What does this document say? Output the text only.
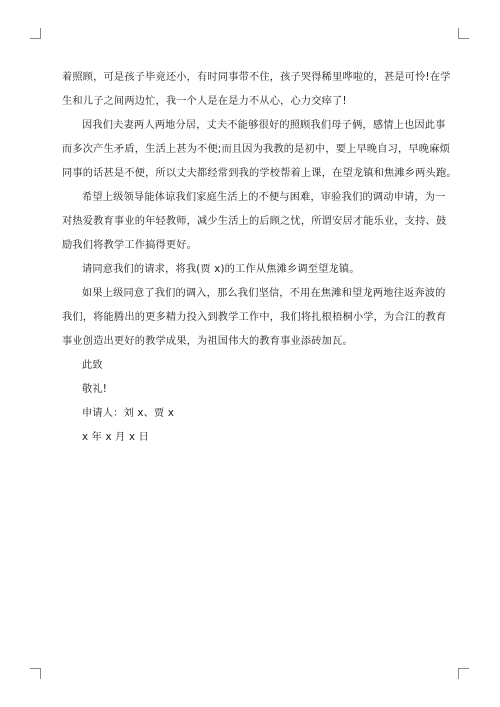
着照顾，可是孩子毕竟还小，有时同事带不住，孩子哭得稀里哗啦的，甚是可怜!在学
生和儿子之间两边忙，我一个人是在是力不从心，心力交瘁了!
因我们夫妻两人两地分居，丈夫不能够很好的照顾我们母子俩，感情上也因此事
而多次产生矛盾，生活上甚为不便;而且因为我教的是初中，要上早晚自习，早晚麻烦
同事的话甚是不便，所以丈夫都经常到我的学校帮着上课，在望龙镇和焦滩乡两头跑。
希望上级领导能体谅我们家庭生活上的不便与困难，审验我们的调动申请，为一
对热爱教育事业的年轻教师，减少生活上的后顾之忧，所谓安居才能乐业，支持、鼓
励我们将教学工作搞得更好。
请同意我们的请求，将我(贾 x)的工作从焦滩乡调至望龙镇。
如果上级同意了我们的调入，那么我们坚信，不用在焦滩和望龙两地往返奔波的
我们，将能腾出的更多精力投入到教学工作中，我们将扎根梧桐小学，为合江的教育
事业创造出更好的教学成果，为祖国伟大的教育事业添砖加瓦。
此致
敬礼!
申请人：刘 x、贾 x
x 年 x 月 x 日
